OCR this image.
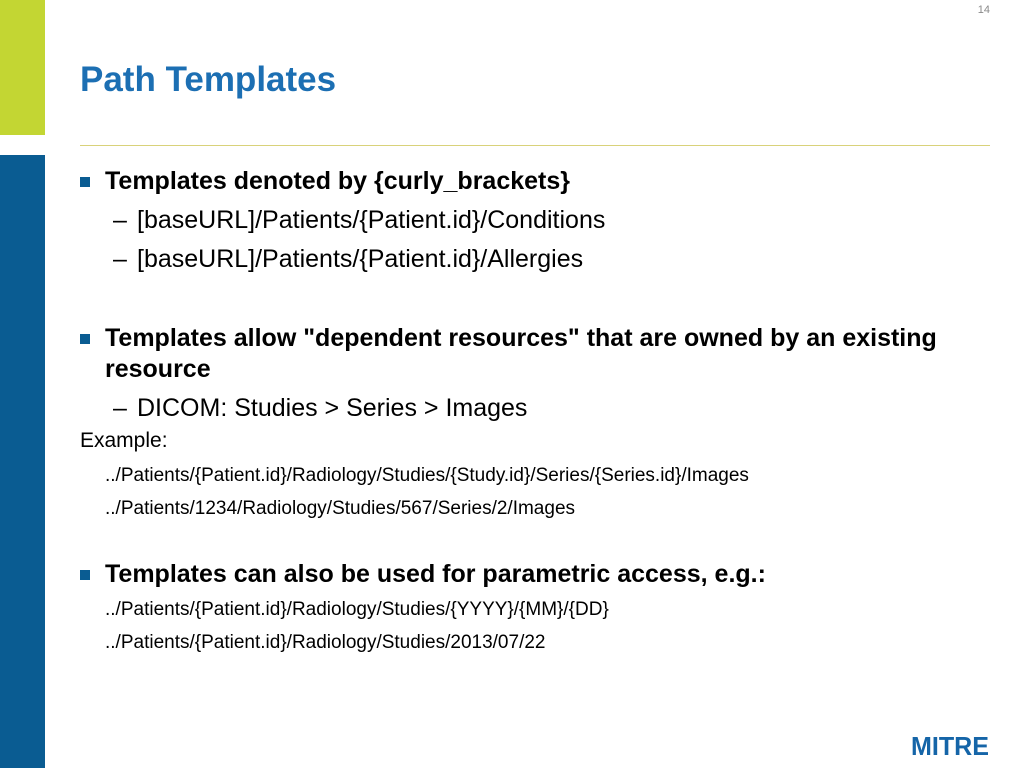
14
Path Templates
Templates denoted by {curly_brackets}
– [baseURL]/Patients/{Patient.id}/Conditions
– [baseURL]/Patients/{Patient.id}/Allergies
Templates allow "dependent resources" that are owned by an existing resource
– DICOM: Studies > Series > Images
Example:
../Patients/{Patient.id}/Radiology/Studies/{Study.id}/Series/{Series.id}/Images
../Patients/1234/Radiology/Studies/567/Series/2/Images
Templates can also be used for parametric access, e.g.:
../Patients/{Patient.id}/Radiology/Studies/{YYYY}/{MM}/{DD}
../Patients/{Patient.id}/Radiology/Studies/2013/07/22
MITRE
